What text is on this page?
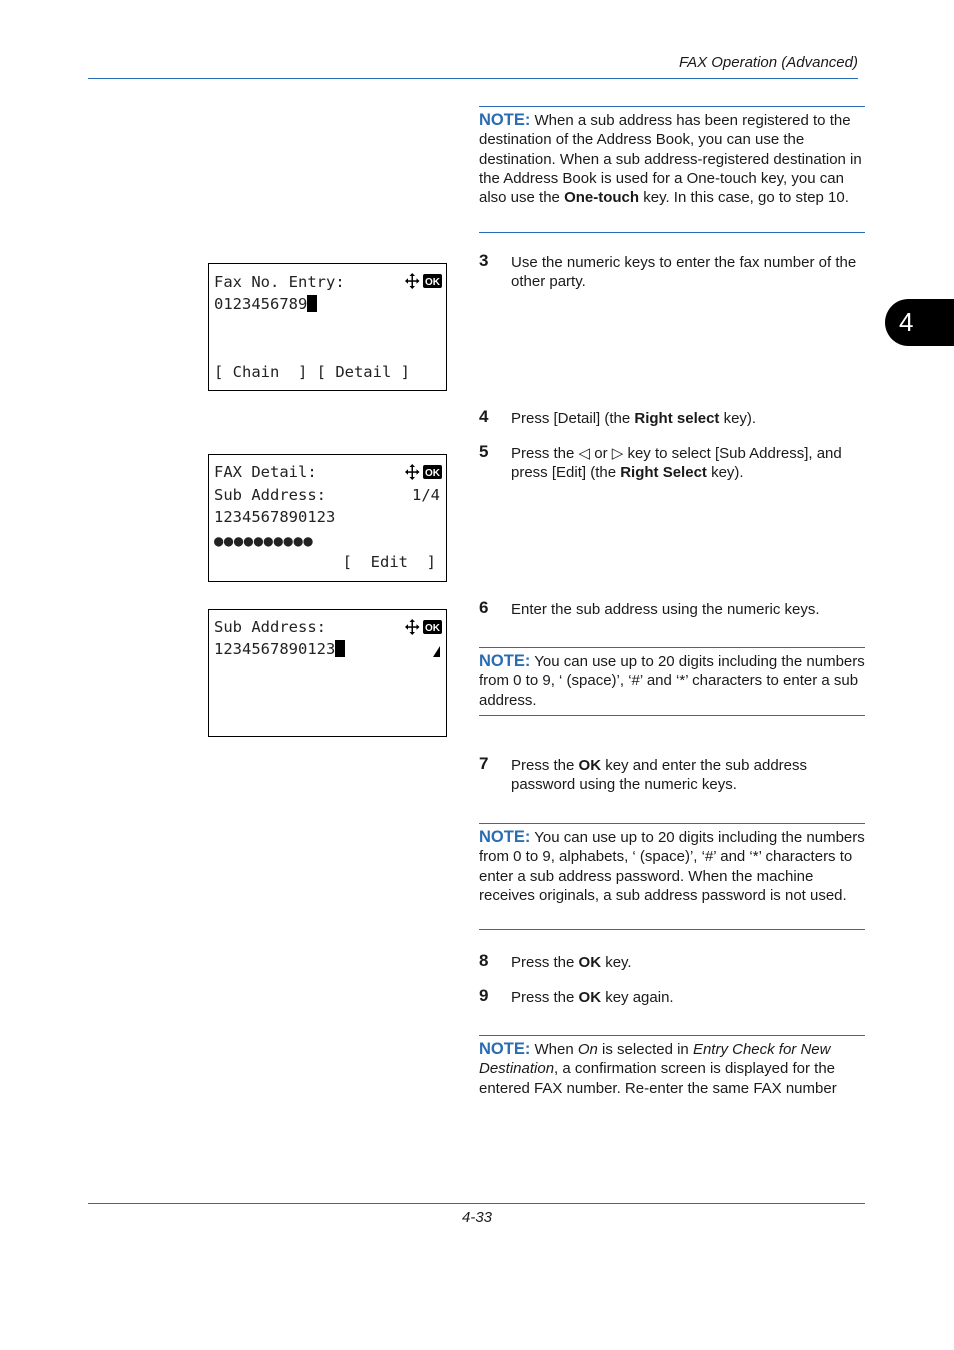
FAX Operation (Advanced)
4-33
4
NOTE: When a sub address has been registered to the destination of the Address Book, you can use the destination. When a sub address-registered destination in the Address Book is used for a One-touch key, you can also use the One-touch key. In this case, go to step 10.
3 Use the numeric keys to enter the fax number of the other party.
4 Press [Detail] (the Right select key).
5 Press the ◁ or ▷ key to select [Sub Address], and press [Edit] (the Right Select key).
6 Enter the sub address using the numeric keys.
NOTE: You can use up to 20 digits including the numbers from 0 to 9, ‘ (space)’, ‘#’ and ‘*’ characters to enter a sub address.
7 Press the OK key and enter the sub address password using the numeric keys.
NOTE: You can use up to 20 digits including the numbers from 0 to 9, alphabets, ‘ (space)’, ‘#’ and ‘*’ characters to enter a sub address password. When the machine receives originals, a sub address password is not used.
8 Press the OK key.
9 Press the OK key again.
NOTE: When On is selected in Entry Check for New Destination, a confirmation screen is displayed for the entered FAX number. Re-enter the same FAX number
Fax No. Entry:	OK
0123456789
[ Chain  ] [ Detail ]
FAX Detail:	OK
Sub Address:	1/4
1234567890123
●●●●●●●●●●
[  Edit  ]
Sub Address:	OK
1234567890123
